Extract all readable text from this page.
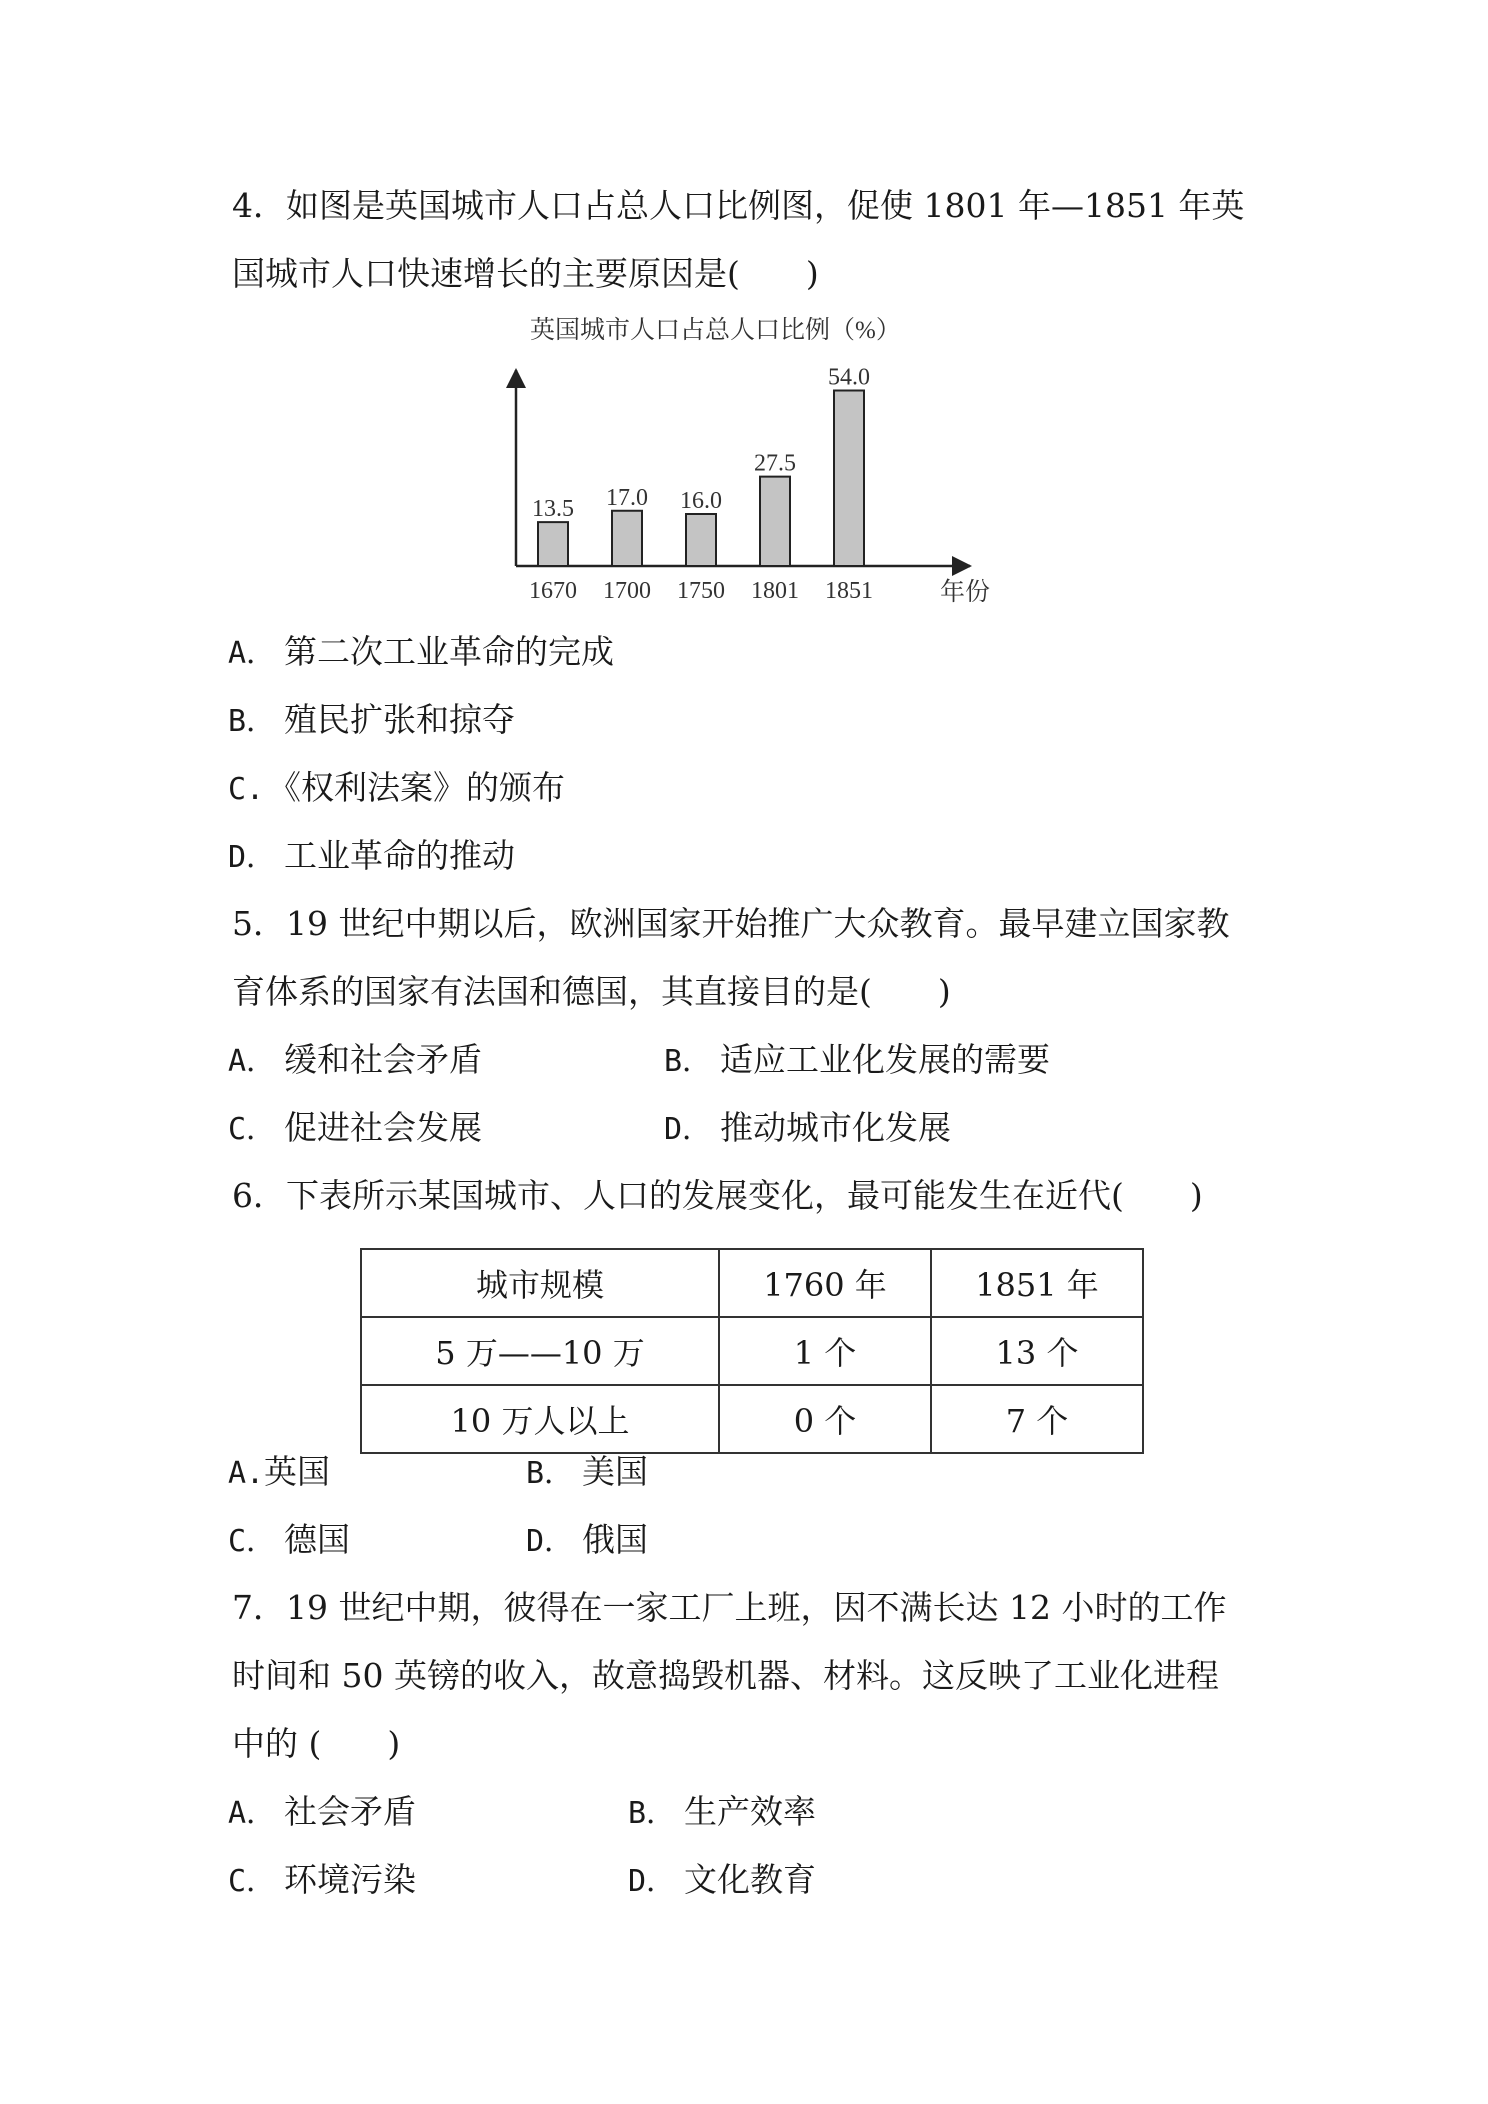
4．如图是英国城市人口占总人口比例图，促使 1801 年—1851 年英
国城市人口快速增长的主要原因是(　　)
英国城市人口占总人口比例（%）
13.5
1670
17.0
1700
16.0
1750
27.5
1801
54.0
1851	年份
A． 第二次工业革命的完成
B． 殖民扩张和掠夺
C. 《权利法案》的颁布
D． 工业革命的推动
5．19 世纪中期以后，欧洲国家开始推广大众教育。最早建立国家教
育体系的国家有法国和德国，其直接目的是(　　)
A． 缓和社会矛盾	B． 适应工业化发展的需要
C． 促进社会发展	D． 推动城市化发展
6．下表所示某国城市、人口的发展变化，最可能发生在近代(　　)
城市规模	1760 年	1851 年
5 万——10 万	1 个	13 个
10 万人以上	0 个	7 个
A.英国	B． 美国
C． 德国	D． 俄国
7．19 世纪中期，彼得在一家工厂上班，因不满长达 12 小时的工作
时间和 50 英镑的收入，故意捣毁机器、材料。这反映了工业化进程
中的 (　　)
A． 社会矛盾	B． 生产效率
C． 环境污染	D． 文化教育
